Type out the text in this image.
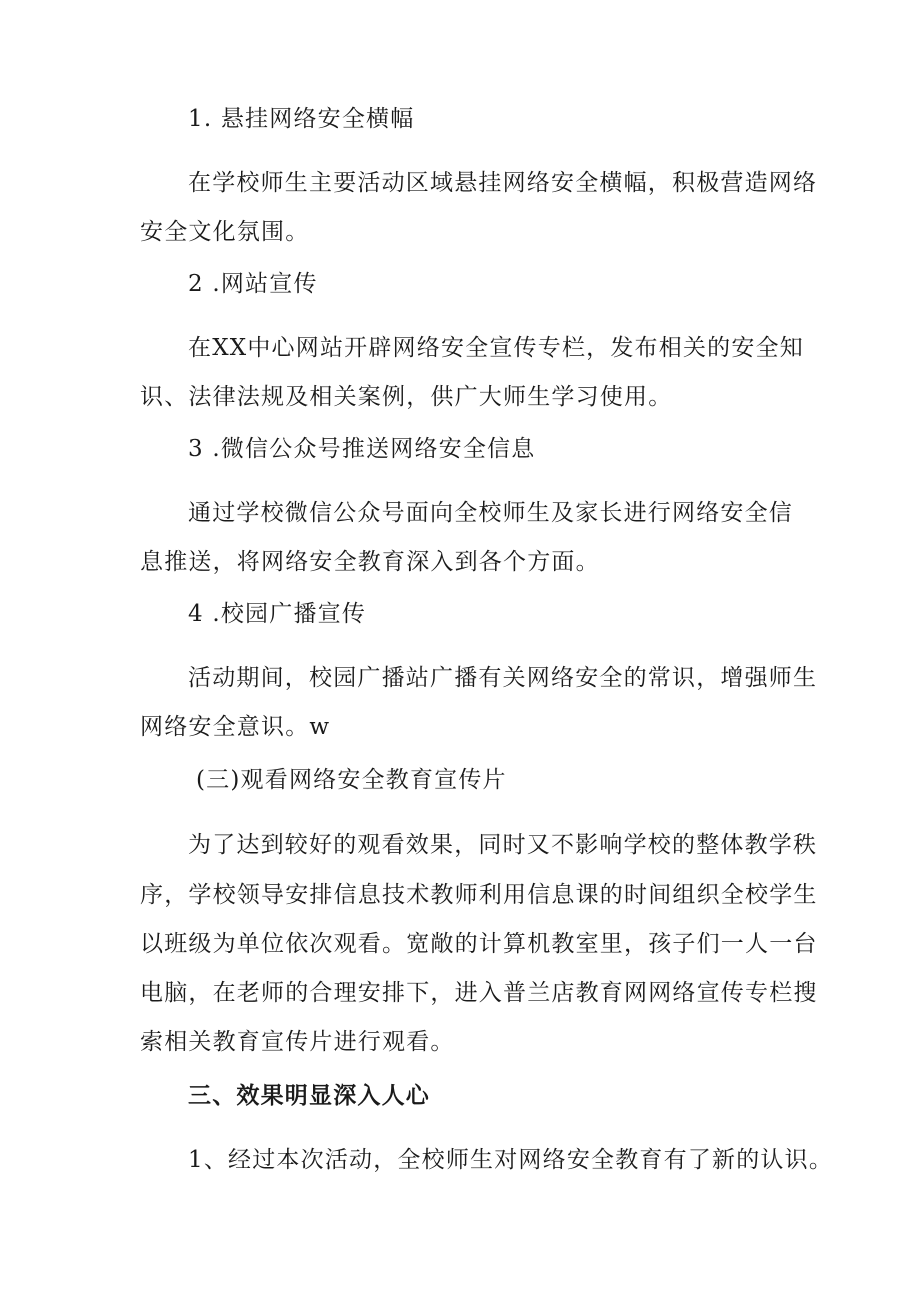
1. 悬挂网络安全横幅

在学校师生主要活动区域悬挂网络安全横幅，积极营造网络

安全文化氛围。

2 .网站宣传

在XX中心网站开辟网络安全宣传专栏，发布相关的安全知

识、法律法规及相关案例，供广大师生学习使用。

3 .微信公众号推送网络安全信息

通过学校微信公众号面向全校师生及家长进行网络安全信

息推送，将网络安全教育深入到各个方面。

4 .校园广播宣传

活动期间，校园广播站广播有关网络安全的常识，增强师生

网络安全意识。w

(三)观看网络安全教育宣传片

为了达到较好的观看效果，同时又不影响学校的整体教学秩

序，学校领导安排信息技术教师利用信息课的时间组织全校学生

以班级为单位依次观看。宽敞的计算机教室里，孩子们一人一台

电脑，在老师的合理安排下，进入普兰店教育网网络宣传专栏搜

索相关教育宣传片进行观看。

三、效果明显深入人心

1、经过本次活动，全校师生对网络安全教育有了新的认识。
